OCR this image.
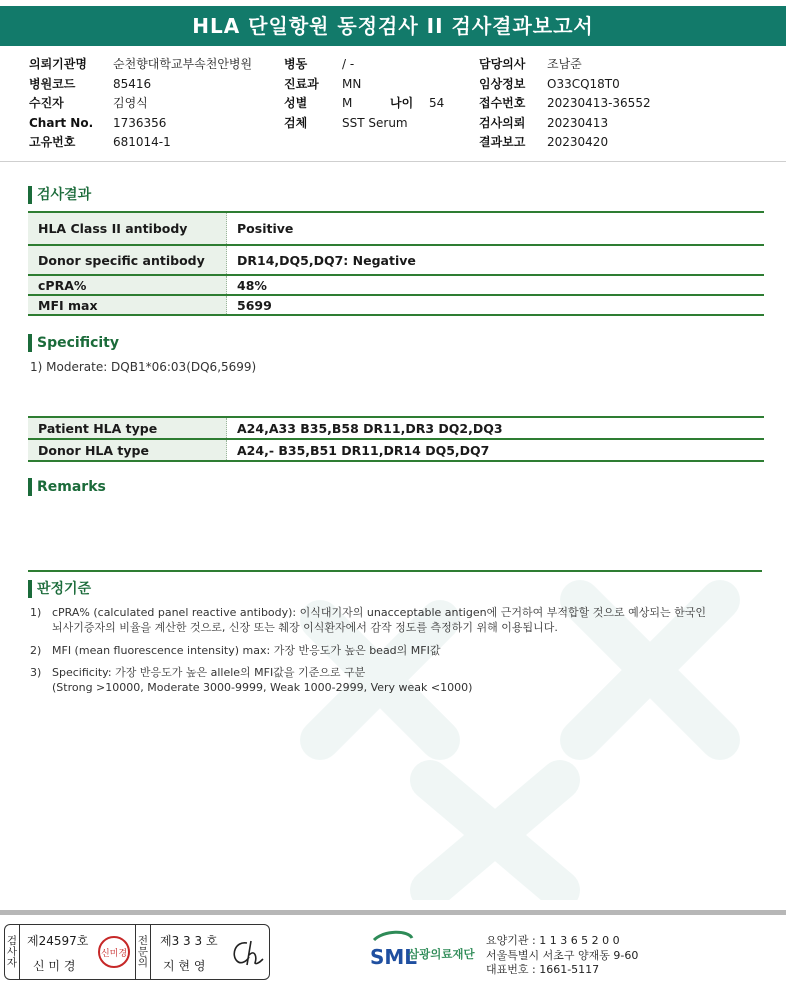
HLA 단일항원 동정검사 II 검사결과보고서
의뢰기관명	순천향대학교부속천안병원
병원코드	85416
수진자	김영식
Chart No.	1736356
고유번호	681014-1
병동	/ -
진료과	MN
성별	M	나이	54
검체	SST Serum
담당의사	조남준
임상정보	O33CQ18T0
접수번호	20230413-36552
검사의뢰	20230413
결과보고	20230420
검사결과
HLA Class II antibody	Positive
Donor specific antibody	DR14,DQ5,DQ7: Negative
cPRA%	48%
MFI max	5699
Specificity
1) Moderate: DQB1*06:03(DQ6,5699)
Patient HLA type	A24,A33 B35,B58 DR11,DR3 DQ2,DQ3
Donor HLA type	A24,- B35,B51 DR11,DR14 DQ5,DQ7
Remarks
판정기준
1) cPRA% (calculated panel reactive antibody): 이식대기자의 unacceptable antigen에 근거하여 부적합할 것으로 예상되는 한국인
뇌사기증자의 비율을 계산한 것으로, 신장 또는 췌장 이식환자에서 감작 정도를 측정하기 위해 이용됩니다.
2) MFI (mean fluorescence intensity) max: 가장 반응도가 높은 bead의 MFI값
3) Specificity: 가장 반응도가 높은 allele의 MFI값을 기준으로 구분
(Strong >10000, Moderate 3000-9999, Weak 1000-2999, Very weak <1000)
검
사
자
제24597호
신 미 경
신미경
전
문
의
제3 3 3 호
지 현 영	SML
삼광의료재단
요양기관 : 1 1 3 6 5 2 0 0
서울특별시 서초구 양재동 9-60
대표번호 : 1661-5117
